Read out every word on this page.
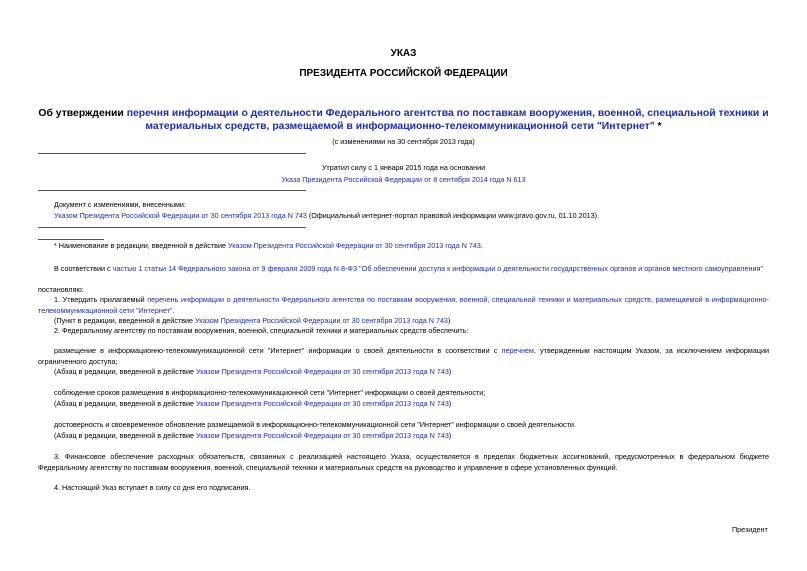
УКАЗ
ПРЕЗИДЕНТА РОССИЙСКОЙ ФЕДЕРАЦИИ
Об утверждении перечня информации о деятельности Федерального агентства по поставкам вооружения, военной, специальной техники и материальных средств, размещаемой в информационно-телекоммуникационной сети "Интернет" *
(с изменениями на 30 сентября 2013 года)
Утратил силу с 1 января 2015 года на основании
Указа Президента Российской Федерации от 8 сентября 2014 года N 613
Документ с изменениями, внесенными:
Указом Президента Российской Федерации от 30 сентября 2013 года N 743 (Официальный интернет-портал правовой информации www.pravo.gov.ru, 01.10.2013).
* Наименование в редакции, введенной в действие Указом Президента Российской Федерации от 30 сентября 2013 года N 743.
В соответствии с частью 1 статьи 14 Федерального закона от 9 февраля 2009 года N 8-ФЗ "Об обеспечении доступа к информации о деятельности государственных органов и органов местного самоуправления"
постановляю:
1. Утвердить прилагаемый перечень информации о деятельности Федерального агентства по поставкам вооружения, военной, специальной техники и материальных средств, размещаемой в информационно-телекоммуникационной сети "Интернет".
(Пункт в редакции, введенной в действие Указом Президента Российской Федерации от 30 сентября 2013 года N 743)
2. Федеральному агентству по поставкам вооружения, военной, специальной техники и материальных средств обеспечить:
размещение в информационно-телекоммуникационной сети "Интернет" информации о своей деятельности в соответствии с перечнем, утвержденным настоящим Указом, за исключением информации ограниченного доступа;
(Абзац в редакции, введенной в действие Указом Президента Российской Федерации от 30 сентября 2013 года N 743)
соблюдение сроков размещения в информационно-телекоммуникационной сети "Интернет" информации о своей деятельности;
(Абзац в редакции, введенной в действие Указом Президента Российской Федерации от 30 сентября 2013 года N 743)
достоверность и своевременное обновление размещаемой в информационно-телекоммуникационной сети "Интернет" информации о своей деятельности.
(Абзац в редакции, введенной в действие Указом Президента Российской Федерации от 30 сентября 2013 года N 743)
3. Финансовое обеспечение расходных обязательств, связанных с реализацией настоящего Указа, осуществляется в пределах бюджетных ассигнований, предусмотренных в федеральном бюджете Федеральному агентству по поставкам вооружения, военной, специальной техники и материальных средств на руководство и управление в сфере установленных функций.
4. Настоящий Указ вступает в силу со дня его подписания.
Президент
